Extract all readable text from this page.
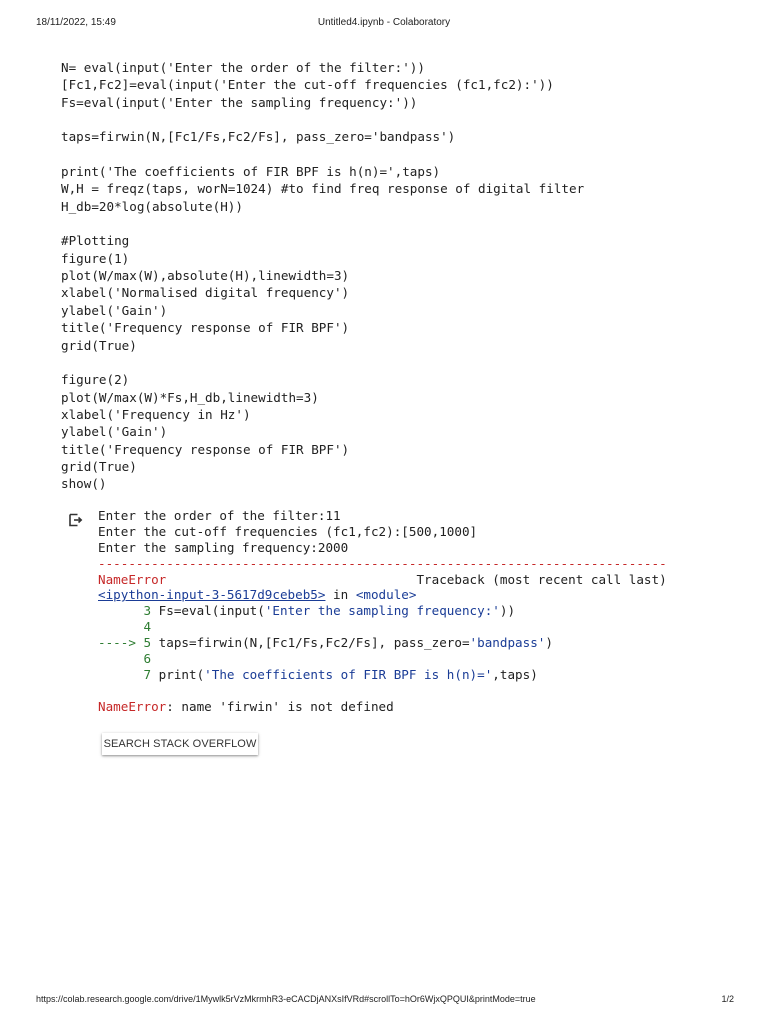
18/11/2022, 15:49	Untitled4.ipynb - Colaboratory
N= eval(input('Enter the order of the filter:'))
[Fc1,Fc2]=eval(input('Enter the cut-off frequencies (fc1,fc2):'))
Fs=eval(input('Enter the sampling frequency:'))
taps=firwin(N,[Fc1/Fs,Fc2/Fs], pass_zero='bandpass')
print('The coefficients of FIR BPF is h(n)=',taps)
W,H = freqz(taps, worN=1024) #to find freq response of digital filter
H_db=20*log(absolute(H))
#Plotting
figure(1)
plot(W/max(W),absolute(H),linewidth=3)
xlabel('Normalised digital frequency')
ylabel('Gain')
title('Frequency response of FIR BPF')
grid(True)
figure(2)
plot(W/max(W)*Fs,H_db,linewidth=3)
xlabel('Frequency in Hz')
ylabel('Gain')
title('Frequency response of FIR BPF')
grid(True)
show()
Enter the order of the filter:11
Enter the cut-off frequencies (fc1,fc2):[500,1000]
Enter the sampling frequency:2000
---------------------------------------------------------------------------
NameError	Traceback (most recent call last)
<ipython-input-3-5617d9cebeb5> in <module>
3 Fs=eval(input('Enter the sampling frequency:'))
4
----> 5 taps=firwin(N,[Fc1/Fs,Fc2/Fs], pass_zero='bandpass')
6
7 print('The coefficients of FIR BPF is h(n)=',taps)
NameError: name 'firwin' is not defined
SEARCH STACK OVERFLOW
https://colab.research.google.com/drive/1Mywlk5rVzMkrmhR3-eCACDjANXsIfVRd#scrollTo=hOr6WjxQPQUI&printMode=true	1/2
